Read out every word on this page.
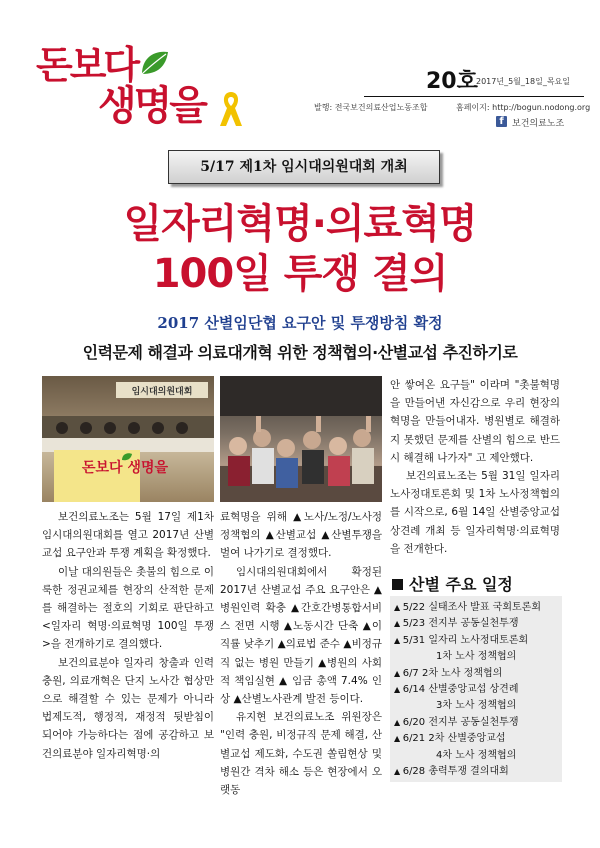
돈보다
생명을
20호
2017년_5월_18일_목요일
발행: 전국보건의료산업노동조합	홈페이지: http://bogun.nodong.org
f 보건의료노조
5/17 제1차 임시대의원대회 개최
일자리혁명·의료혁명
100일 투쟁 결의
2017 산별임단협 요구안 및 투쟁방침 확정
인력문제 해결과 의료대개혁 위한 정책협의·산별교섭 추진하기로
임시대의원대회
돈보다 생명을

보건의료노조는 5월 17일 제1차 임시대의원대회를 열고 2017년 산별교섭 요구안과 투쟁 계획을 확정했다.

이날 대의원들은 촛불의 힘으로 이룩한 정권교체를 현장의 산적한 문제를 해결하는 절호의 기회로 판단하고 <일자리 혁명·의료혁명 100일 투쟁>을 전개하기로 결의했다.

보건의료분야 일자리 창출과 인력충원, 의료개혁은 단지 노사간 협상만으로 해결할 수 있는 문제가 아니라 법제도적, 행정적, 재정적 뒷받침이 되어야 가능하다는 점에 공감하고 보건의료분야 일자리혁명·의

료혁명을 위해 ▲노사/노정/노사정 정책협의 ▲산별교섭 ▲산별투쟁을 벌여 나가기로 결정했다.

임시대의원대회에서 확정된 2017년 산별교섭 주요 요구안은 ▲병원인력 확충 ▲간호간병통합서비스 전면 시행 ▲노동시간 단축 ▲이직률 낮추기 ▲의료법 준수 ▲비정규직 없는 병원 만들기 ▲병원의 사회적 책임실현 ▲ 임금 총액 7.4% 인상 ▲산별노사관계 발전 등이다.

유지현 보건의료노조 위원장은 "인력 충원, 비정규직 문제 해결, 산별교섭 제도화, 수도권 쏠림현상 및 병원간 격차 해소 등은 현장에서 오랫동

안 쌓여온 요구들" 이라며 "촛불혁명을 만들어낸 자신감으로 우리 현장의 혁명을 만들어내자. 병원별로 해결하지 못했던 문제를 산별의 힘으로 반드시 해결해 나가자" 고 제안했다.

보건의료노조는 5월 31일 일자리노사정대토론회 및 1차 노사정책협의를 시작으로, 6월 14일 산별중앙교섭 상견례 개최 등 일자리혁명·의료혁명을 전개한다.

산별 주요 일정
▲ 5/22 실태조사 발표 국회토론회
▲ 5/23 전지부 공동실천투쟁
▲ 5/31 일자리 노사정대토론회
1차 노사 정책협의
▲ 6/7 2차 노사 정책협의
▲ 6/14 산별중앙교섭 상견례
3차 노사 정책협의
▲ 6/20 전지부 공동실천투쟁
▲ 6/21 2차 산별중앙교섭
4차 노사 정책협의
▲ 6/28 총력투쟁 결의대회
